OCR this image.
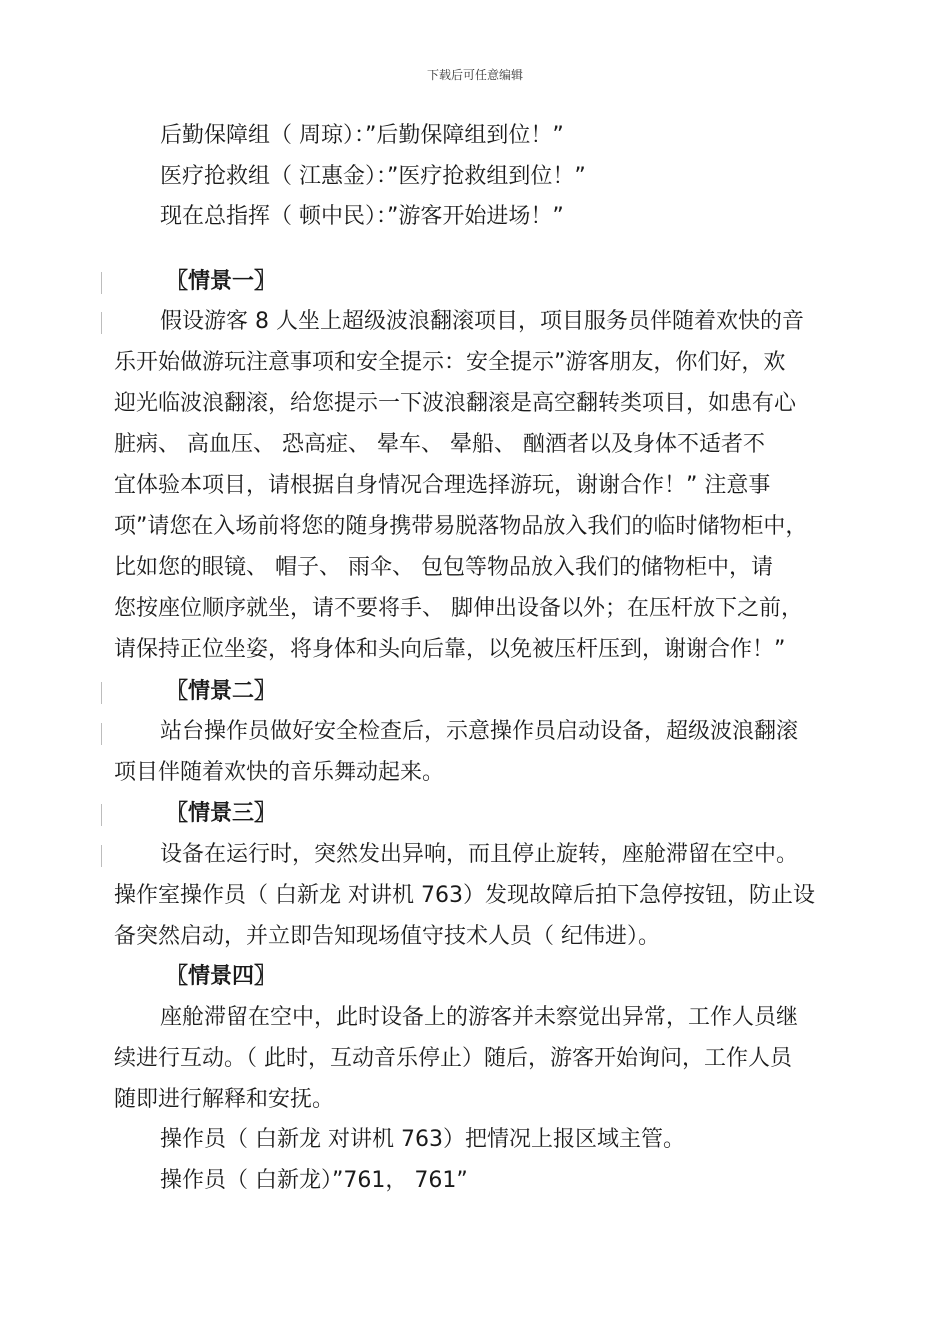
下载后可任意编辑
后勤保障组（ 周琼）：”后勤保障组到位！”
医疗抢救组（ 江惠金）：”医疗抢救组到位！”
现在总指挥（ 顿中民）：”游客开始进场！”
〖情景一〗
假设游客 8 人坐上超级波浪翻滚项目，项目服务员伴随着欢快的音
乐开始做游玩注意事项和安全提示：安全提示”游客朋友，你们好，欢
迎光临波浪翻滚，给您提示一下波浪翻滚是高空翻转类项目，如患有心
脏病、 高血压、 恐高症、 晕车、 晕船、 酗酒者以及身体不适者不
宜体验本项目，请根据自身情况合理选择游玩，谢谢合作！” 注意事
项”请您在入场前将您的随身携带易脱落物品放入我们的临时储物柜中，
比如您的眼镜、 帽子、 雨伞、 包包等物品放入我们的储物柜中，请
您按座位顺序就坐，请不要将手、 脚伸出设备以外；在压杆放下之前，
请保持正位坐姿，将身体和头向后靠，以免被压杆压到，谢谢合作！”
〖情景二〗
站台操作员做好安全检查后，示意操作员启动设备，超级波浪翻滚
项目伴随着欢快的音乐舞动起来。
〖情景三〗
设备在运行时，突然发出异响，而且停止旋转，座舱滞留在空中。
操作室操作员（ 白新龙 对讲机 763）发现故障后拍下急停按钮，防止设
备突然启动，并立即告知现场值守技术人员（ 纪伟进）。
〖情景四〗
座舱滞留在空中，此时设备上的游客并未察觉出异常，工作人员继
续进行互动。（ 此时，互动音乐停止）随后，游客开始询问，工作人员
随即进行解释和安抚。
操作员（ 白新龙 对讲机 763）把情况上报区域主管。
操作员（ 白新龙）”761， 761”
